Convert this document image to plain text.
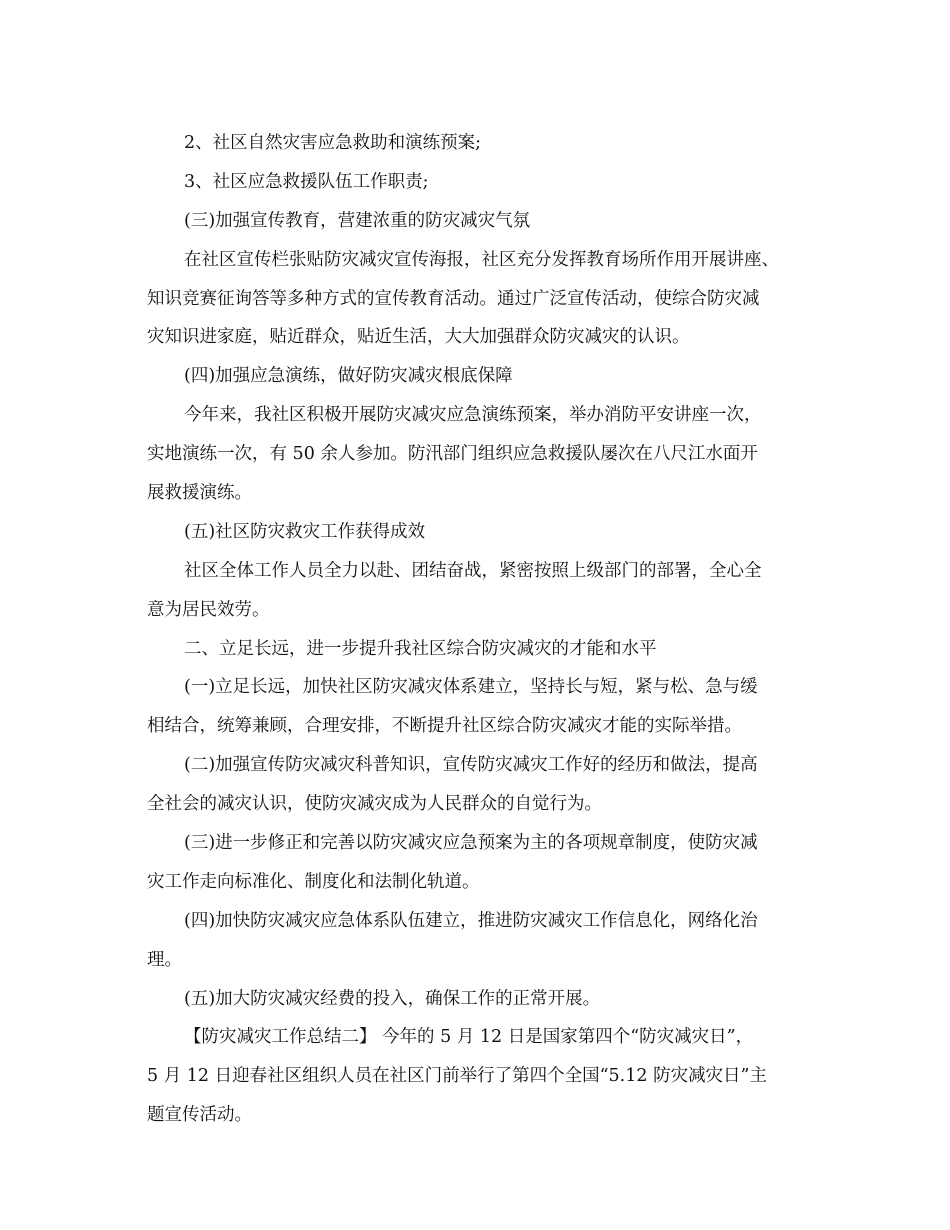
2、社区自然灾害应急救助和演练预案;
3、社区应急救援队伍工作职责;
(三)加强宣传教育，营建浓重的防灾减灾气氛
在社区宣传栏张贴防灾减灾宣传海报，社区充分发挥教育场所作用开展讲座、
知识竞赛征询答等多种方式的宣传教育活动。通过广泛宣传活动，使综合防灾减
灾知识进家庭，贴近群众，贴近生活，大大加强群众防灾减灾的认识。
(四)加强应急演练，做好防灾减灾根底保障
今年来，我社区积极开展防灾减灾应急演练预案，举办消防平安讲座一次，
实地演练一次，有 50 余人参加。防汛部门组织应急救援队屡次在八尺江水面开
展救援演练。
(五)社区防灾救灾工作获得成效
社区全体工作人员全力以赴、团结奋战，紧密按照上级部门的部署，全心全
意为居民效劳。
二、立足长远，进一步提升我社区综合防灾减灾的才能和水平
(一)立足长远，加快社区防灾减灾体系建立，坚持长与短，紧与松、急与缓
相结合，统筹兼顾，合理安排，不断提升社区综合防灾减灾才能的实际举措。
(二)加强宣传防灾减灾科普知识，宣传防灾减灾工作好的经历和做法，提高
全社会的减灾认识，使防灾减灾成为人民群众的自觉行为。
(三)进一步修正和完善以防灾减灾应急预案为主的各项规章制度，使防灾减
灾工作走向标准化、制度化和法制化轨道。
(四)加快防灾减灾应急体系队伍建立，推进防灾减灾工作信息化，网络化治
理。
(五)加大防灾减灾经费的投入，确保工作的正常开展。
【防灾减灾工作总结二】 今年的 5 月 12 日是国家第四个“防灾减灾日”，
5 月 12 日迎春社区组织人员在社区门前举行了第四个全国“5.12 防灾减灾日”主
题宣传活动。
